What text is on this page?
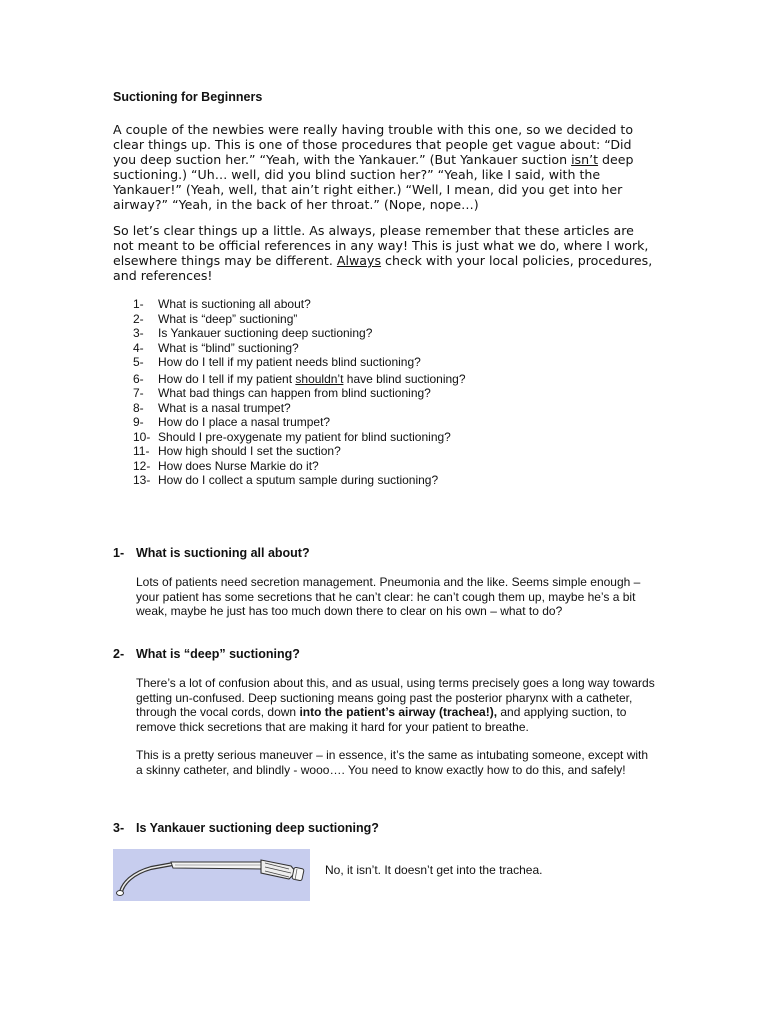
Suctioning for Beginners

A couple of the newbies were really having trouble with this one, so we decided to clear things up. This is one of those procedures that people get vague about: “Did you deep suction her.” “Yeah, with the Yankauer.” (But Yankauer suction isn’t deep suctioning.) “Uh… well, did you blind suction her?” “Yeah, like I said, with the Yankauer!” (Yeah, well, that ain’t right either.) “Well, I mean, did you get into her airway?” “Yeah, in the back of her throat.” (Nope, nope…)

So let’s clear things up a little. As always, please remember that these articles are not meant to be official references in any way! This is just what we do, where I work, elsewhere things may be different. Always check with your local policies, procedures, and references!

1- What is suctioning all about?
2- What is “deep” suctioning”
3- Is Yankauer suctioning deep suctioning?
4- What is “blind” suctioning?
5- How do I tell if my patient needs blind suctioning?
6- How do I tell if my patient shouldn’t have blind suctioning?
7- What bad things can happen from blind suctioning?
8- What is a nasal trumpet?
9- How do I place a nasal trumpet?
10- Should I pre-oxygenate my patient for blind suctioning?
11- How high should I set the suction?
12- How does Nurse Markie do it?
13- How do I collect a sputum sample during suctioning?
1- What is suctioning all about?

Lots of patients need secretion management. Pneumonia and the like. Seems simple enough – your patient has some secretions that he can’t clear: he can’t cough them up, maybe he’s a bit weak, maybe he just has too much down there to clear on his own – what to do?

2- What is “deep” suctioning?

There’s a lot of confusion about this, and as usual, using terms precisely goes a long way towards getting un-confused. Deep suctioning means going past the posterior pharynx with a catheter, through the vocal cords, down into the patient’s airway (trachea!), and applying suction, to remove thick secretions that are making it hard for your patient to breathe.

This is a pretty serious maneuver – in essence, it’s the same as intubating someone, except with a skinny catheter, and blindly - wooo…. You need to know exactly how to do this, and safely!

3- Is Yankauer suctioning deep suctioning?

No, it isn’t. It doesn’t get into the trachea.
